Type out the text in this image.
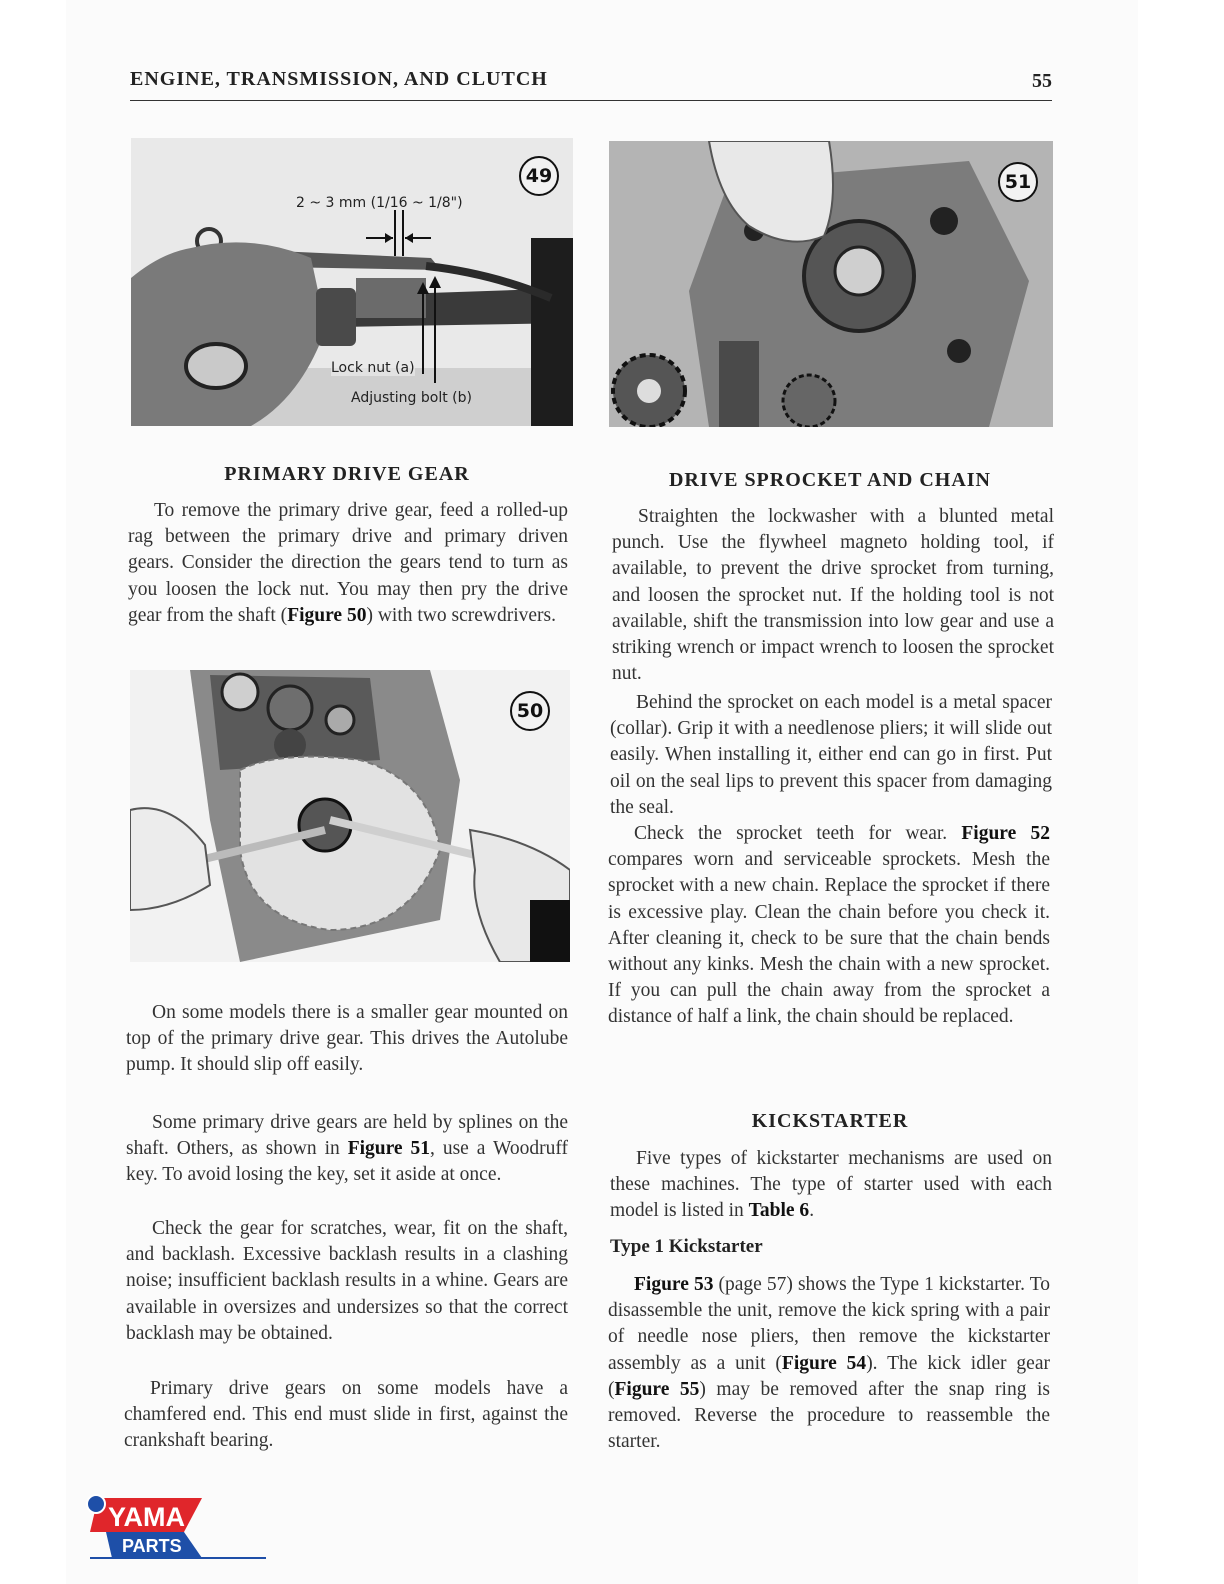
ENGINE, TRANSMISSION, AND CLUTCH	55
49
2 ~ 3 mm (1/16 ~ 1/8")
Lock nut (a)
Adjusting bolt (b)
PRIMARY DRIVE GEAR

To remove the primary drive gear, feed a rolled-up rag between the primary drive and primary driven gears. Consider the direction the gears tend to turn as you loosen the lock nut. You may then pry the drive gear from the shaft (Figure 50) with two screwdrivers.

50

On some models there is a smaller gear mounted on top of the primary drive gear. This drives the Autolube pump. It should slip off easily.

Some primary drive gears are held by splines on the shaft. Others, as shown in Figure 51, use a Woodruff key. To avoid losing the key, set it aside at once.

Check the gear for scratches, wear, fit on the shaft, and backlash. Excessive backlash results in a clashing noise; insufficient backlash results in a whine. Gears are available in oversizes and undersizes so that the correct backlash may be obtained.

Primary drive gears on some models have a chamfered end. This end must slide in first, against the crankshaft bearing.

51
DRIVE SPROCKET AND CHAIN

Straighten the lockwasher with a blunted metal punch. Use the flywheel magneto holding tool, if available, to prevent the drive sprocket from turning, and loosen the sprocket nut. If the holding tool is not available, shift the transmission into low gear and use a striking wrench or impact wrench to loosen the sprocket nut.

Behind the sprocket on each model is a metal spacer (collar). Grip it with a needlenose pliers; it will slide out easily. When installing it, either end can go in first. Put oil on the seal lips to prevent this spacer from damaging the seal.

Check the sprocket teeth for wear. Figure 52 compares worn and serviceable sprockets. Mesh the sprocket with a new chain. Replace the sprocket if there is excessive play. Clean the chain before you check it. After cleaning it, check to be sure that the chain bends without any kinks. Mesh the chain with a new sprocket. If you can pull the chain away from the sprocket a distance of half a link, the chain should be replaced.

KICKSTARTER

Five types of kickstarter mechanisms are used on these machines. The type of starter used with each model is listed in Table 6.

Type 1 Kickstarter

Figure 53 (page 57) shows the Type 1 kickstarter. To disassemble the unit, remove the kick spring with a pair of needle nose pliers, then remove the kickstarter assembly as a unit (Figure 54). The kick idler gear (Figure 55) may be removed after the snap ring is removed. Reverse the procedure to reassemble the starter.

YAMA
PARTS
